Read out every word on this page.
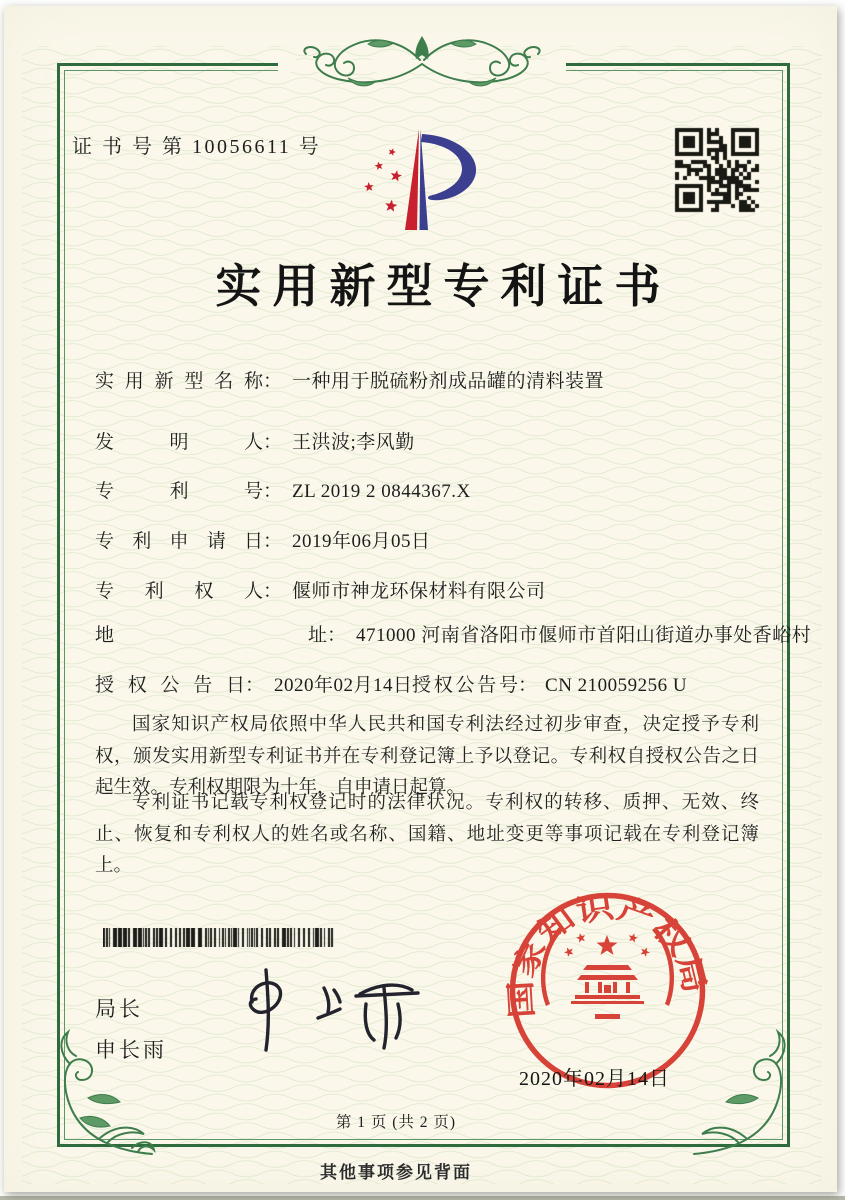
证 书 号 第 10056611 号
实用新型专利证书
实用新型名称： 一种用于脱硫粉剂成品罐的清料装置
发明人： 王洪波;李风勤
专利号： ZL 2019 2 0844367.X
专利申请日： 2019年06月05日
专利权人： 偃师市神龙环保材料有限公司
地址： 471000 河南省洛阳市偃师市首阳山街道办事处香峪村
授权公告日： 2020年02月14日 授权公告号： CN 210059256 U
国家知识产权局依照中华人民共和国专利法经过初步审查，决定授予专利权，颁发实用新型专利证书并在专利登记簿上予以登记。专利权自授权公告之日起生效。专利权期限为十年，自申请日起算。
专利证书记载专利权登记时的法律状况。专利权的转移、质押、无效、终止、恢复和专利权人的姓名或名称、国籍、地址变更等事项记载在专利登记簿上。
局长
申长雨
国家知识产权局
2020年02月14日
第 1 页 (共 2 页)
其他事项参见背面
